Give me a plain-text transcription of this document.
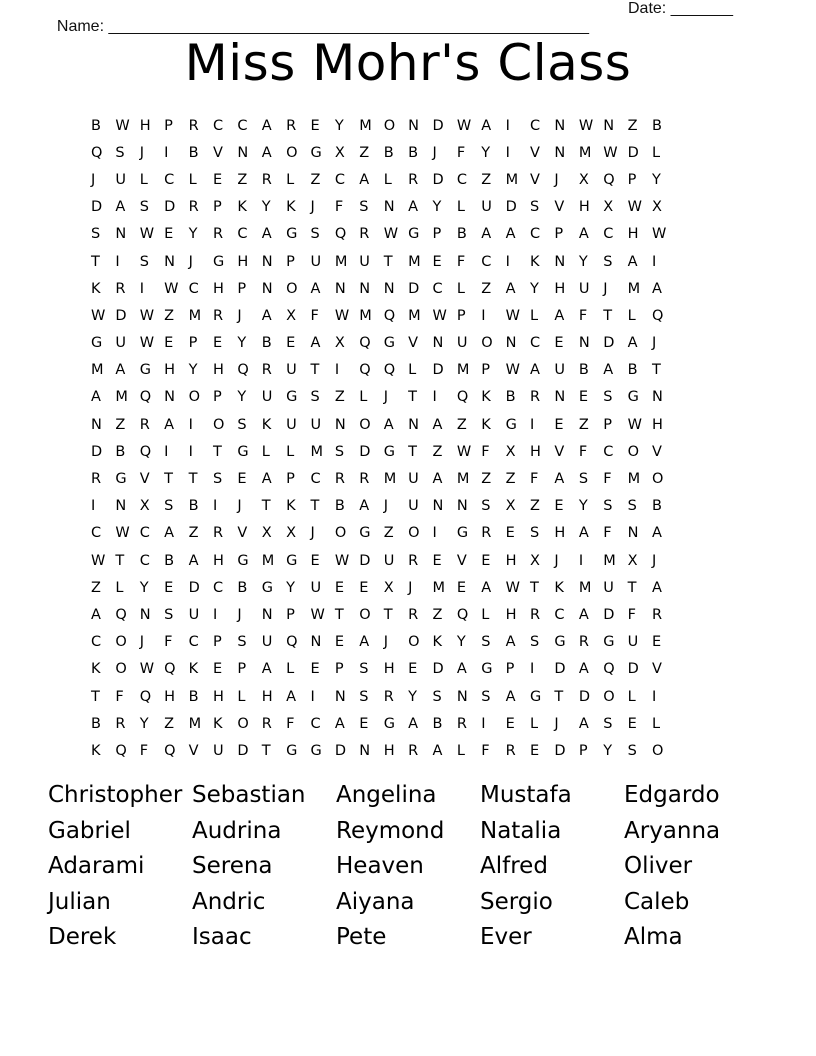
Name: ______________________________________________________

Date: _______

Miss Mohr's Class
B W H P	R C C A R E	Y	M O N D W A I	C N W N Z B
Q S	J	I	B V N A O G X Z B B J	F	Y	I	V N M W D L
J	U L	C L	E	Z R L	Z C A L	R D C Z M V J	X Q P	Y
D A S	D R P	K	Y	K	J	F	S	N A Y	L	U D S	V H X W X
S	N W E	Y	R C A G S	Q R W G P	B A A C P	A C H W
T	I	S	N J	G H N P	U M U T	M E	F	C I	K	N Y	S	A I
K	R I	W C H P	N O A N N N D C L	Z A Y	H U J	M A
W D W Z M R J	A X F	W M Q M W P	I	W L	A F	T	L	Q
G U W E	P	E	Y	B E	A X Q G V N U O N C E	N D A J
M A G H Y	H Q R U T	I	Q Q L	D M P	W A U B A B T
A M Q N O P	Y	U G S	Z L	J	T	I	Q K	B R N E	S	G N
N Z R A I	O S	K	U U N O A N A Z K	G I	E	Z P	W H
D B Q I	I	T	G L	L	M S	D G T	Z W F	X H V F	C O V
R G V T	T	S	E	A P	C R R M U A M Z Z F	A S	F	M O
I	N X S	B I	J	T	K	T	B A J	U N N S	X Z E	Y	S	S	B
C W C A Z R V X X J	O G Z O I	G R E	S	H A F	N A
W T	C B A H G M G E	W D U R E	V E	H X J	I	M X J
Z L	Y	E	D C B G Y	U E	E	X J	M E	A W T	K	M U T	A
A Q N S	U I	J	N P	W T	O T	R Z Q L	H R C A D F	R
C O J	F	C P	S	U Q N E	A J	O K	Y	S	A S	G R G U E
K	O W Q K	E	P	A L	E	P	S	H E	D A G P	I	D A Q D V
T	F	Q H B H L	H A I	N S	R Y	S	N S	A G T	D O L	I
B R Y	Z M K	O R F	C A E	G A B R I	E	L	J	A S	E	L
K	Q F	Q V U D T	G G D N H R A L	F	R E	D P	Y	S	O
Christopher Sebastian	Angelina	Mustafa	Edgardo
Gabriel	Audrina	Reymond	Natalia	Aryanna
Adarami	Serena	Heaven	Alfred	Oliver
Julian	Andric	Aiyana	Sergio	Caleb
Derek	Isaac	Pete	Ever	Alma
